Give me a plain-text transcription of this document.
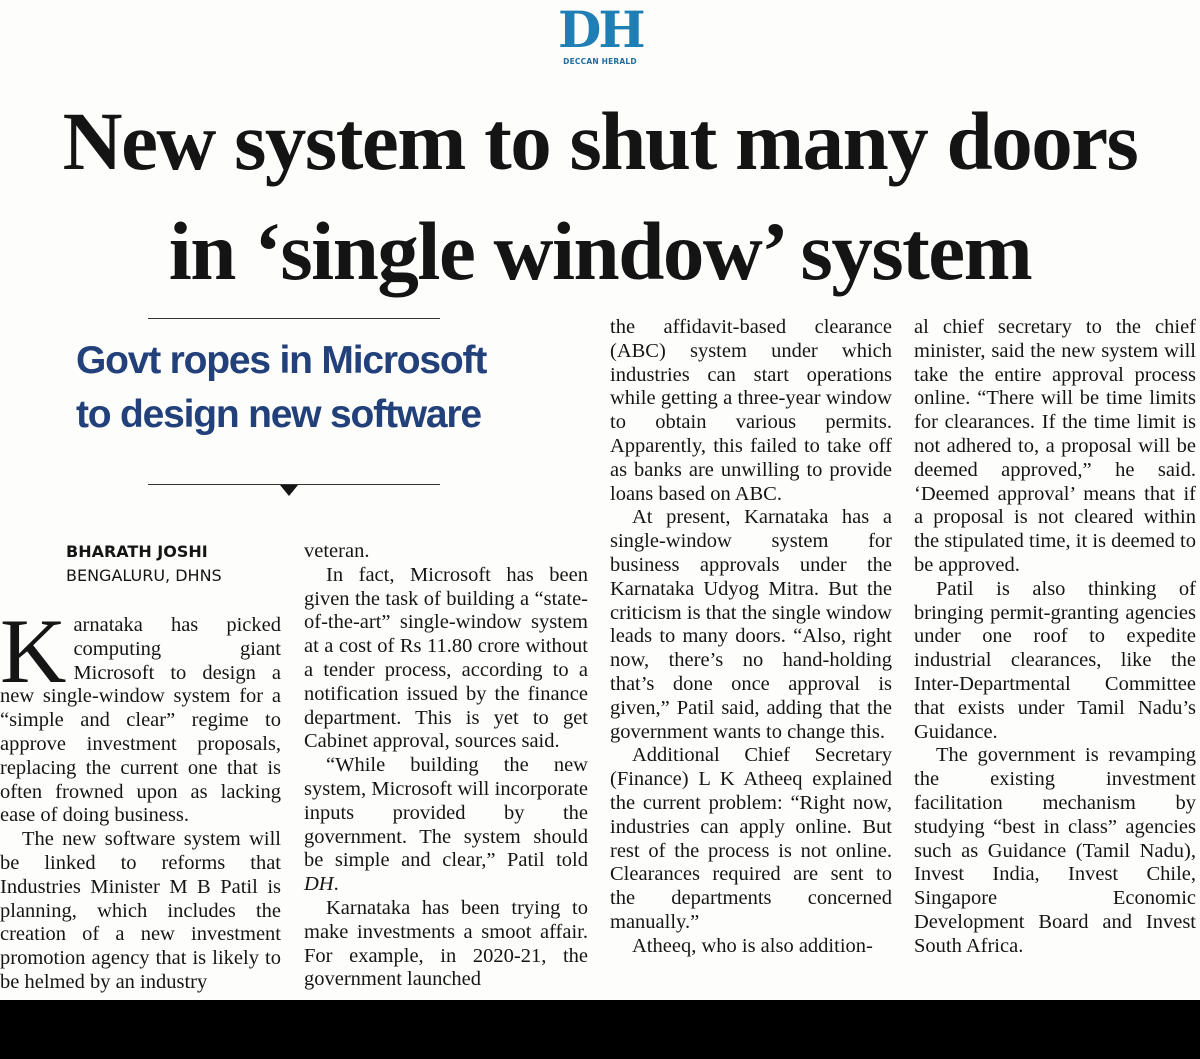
DH
DECCAN HERALD
New system to shut many doors
in ‘single window’ system
Govt ropes in Microsoft
to design new software
BHARATH JOSHI
BENGALURU, DHNS

Karnataka has picked computing giant Microsoft to design a new single-window system for a “simple and clear” regime to approve investment proposals, replacing the current one that is often frowned upon as lacking ease of doing business.

The new software system will be linked to reforms that Industries Minister M B Patil is planning, which includes the creation of a new investment promotion agency that is likely to be helmed by an industry

veteran.

In fact, Microsoft has been given the task of building a “state-of-the-art” single-window system at a cost of Rs 11.80 crore without a tender process, according to a notification issued by the finance department. This is yet to get Cabinet approval, sources said.

“While building the new system, Microsoft will incorporate inputs provided by the government. The system should be simple and clear,” Patil told DH.

Karnataka has been trying to make investments a smoot affair. For example, in 2020-21, the government launched

the affidavit-based clearance (ABC) system under which industries can start operations while getting a three-year window to obtain various permits. Apparently, this failed to take off as banks are unwilling to provide loans based on ABC.

At present, Karnataka has a single-window system for business approvals under the Karnataka Udyog Mitra. But the criticism is that the single window leads to many doors. “Also, right now, there’s no hand-holding that’s done once approval is given,” Patil said, adding that the government wants to change this.

Additional Chief Secretary (Finance) L K Atheeq explained the current problem: “Right now, industries can apply online. But rest of the process is not online. Clearances required are sent to the departments concerned manually.”

Atheeq, who is also addition-

al chief secretary to the chief minister, said the new system will take the entire approval process online. “There will be time limits for clearances. If the time limit is not adhered to, a proposal will be deemed approved,” he said. ‘Deemed approval’ means that if a proposal is not cleared within the stipulated time, it is deemed to be approved.

Patil is also thinking of bringing permit-granting agencies under one roof to expedite industrial clearances, like the Inter-Departmental Committee that exists under Tamil Nadu’s Guidance.

The government is revamping the existing investment facilitation mechanism by studying “best in class” agencies such as Guidance (Tamil Nadu), Invest India, Invest Chile, Singapore Economic Development Board and Invest South Africa.
